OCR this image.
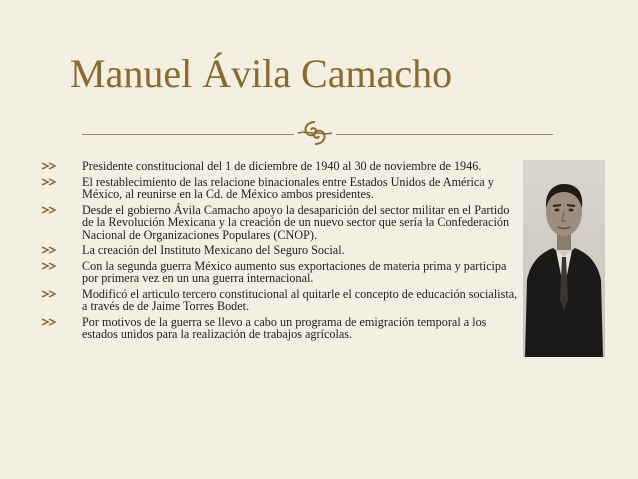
Manuel Ávila Camacho
Presidente constitucional del 1 de diciembre de 1940 al 30 de noviembre de 1946.
El restablecimiento de las relacione binacionales entre Estados Unidos de América y México, al reunirse en la Cd. de México ambos presidentes.
Desde el gobierno Ávila Camacho apoyo la desaparición del sector militar en el Partido de la Revolución Mexicana y la creación de un nuevo sector que sería la Confederación Nacional de Organizaciones Populares (CNOP).
La creación del Instituto Mexicano del Seguro Social.
Con la segunda guerra México aumento sus exportaciones de materia prima y participa por primera vez en un una guerra internacional.
Modificó el articulo tercero constitucional al quitarle el concepto de educación socialista, a través de de Jaime Torres Bodet.
Por motivos de la guerra se llevo a cabo un programa de emigración temporal a los estados unidos para la realización de trabajos agrícolas.
